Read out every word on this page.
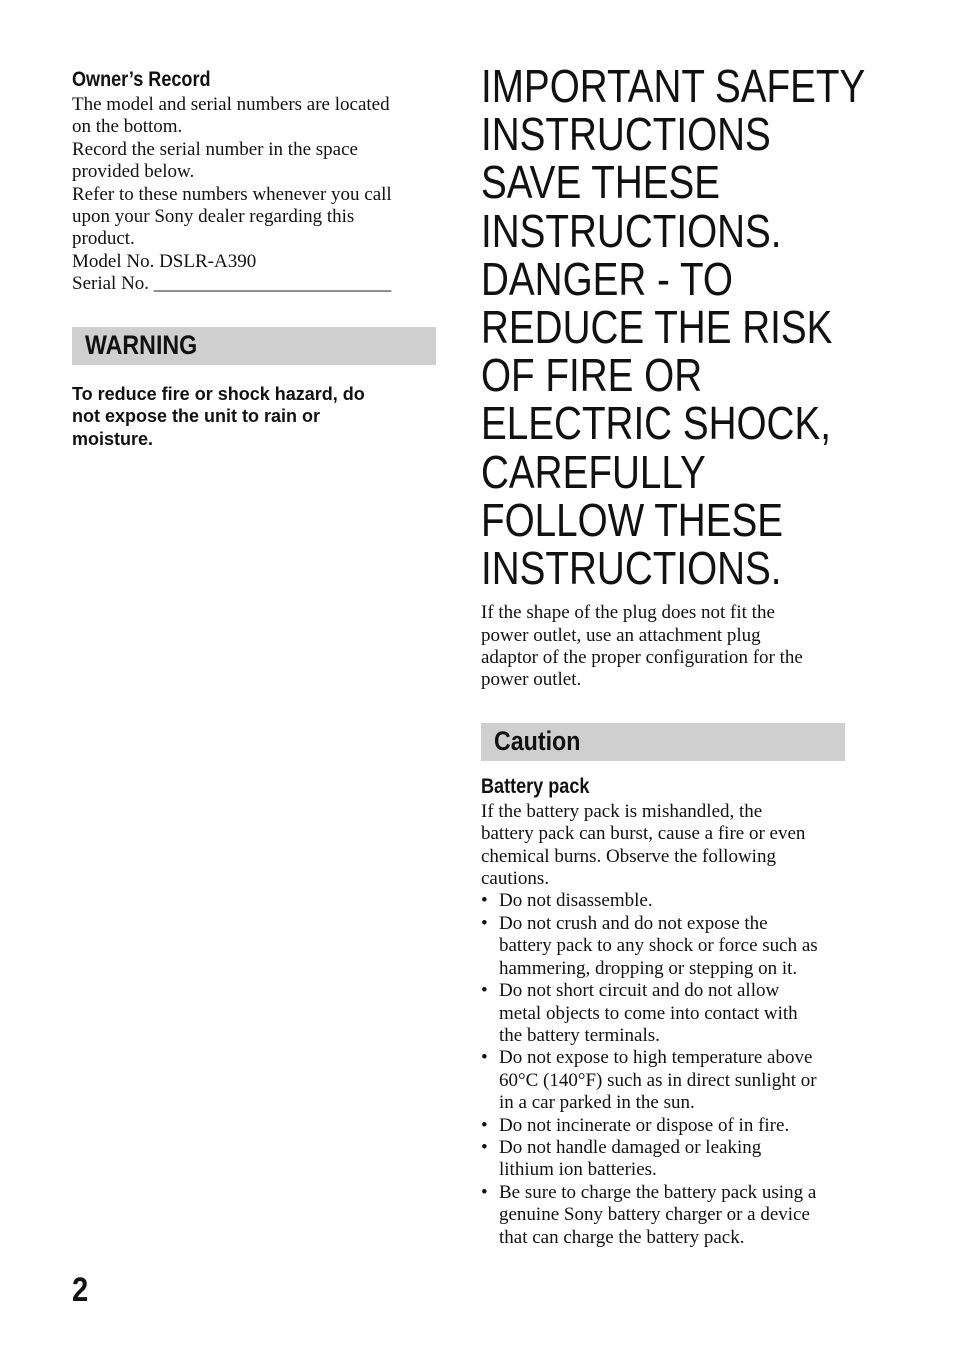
Owner’s Record
The model and serial numbers are located
on the bottom.
Record the serial number in the space
provided below.
Refer to these numbers whenever you call
upon your Sony dealer regarding this
product.
Model No. DSLR-A390
Serial No. _________________________
WARNING
To reduce fire or shock hazard, do
not expose the unit to rain or
moisture.
IMPORTANT SAFETY
INSTRUCTIONS
SAVE THESE
INSTRUCTIONS.
DANGER - TO
REDUCE THE RISK
OF FIRE OR
ELECTRIC SHOCK,
CAREFULLY
FOLLOW THESE
INSTRUCTIONS.
If the shape of the plug does not fit the
power outlet, use an attachment plug
adaptor of the proper configuration for the
power outlet.
Caution
Battery pack
If the battery pack is mishandled, the
battery pack can burst, cause a fire or even
chemical burns. Observe the following
cautions.
• Do not disassemble.
• Do not crush and do not expose the
battery pack to any shock or force such as
hammering, dropping or stepping on it.
• Do not short circuit and do not allow
metal objects to come into contact with
the battery terminals.
• Do not expose to high temperature above
60°C (140°F) such as in direct sunlight or
in a car parked in the sun.
• Do not incinerate or dispose of in fire.
• Do not handle damaged or leaking
lithium ion batteries.
• Be sure to charge the battery pack using a
genuine Sony battery charger or a device
that can charge the battery pack.
2
